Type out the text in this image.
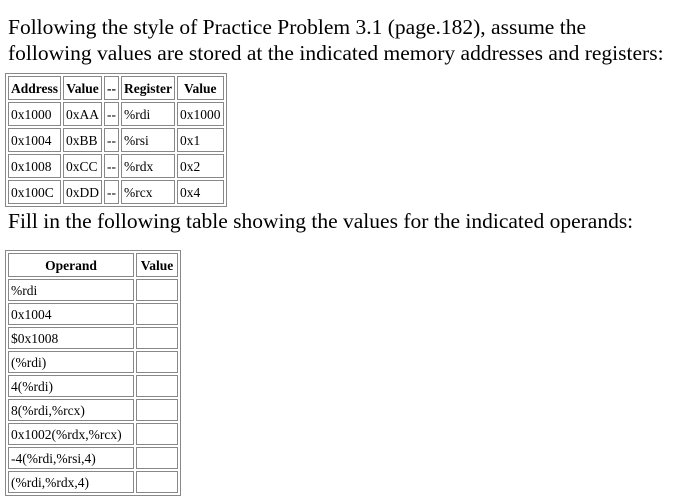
Following the style of Practice Problem 3.1 (page.182), assume the
following values are stored at the indicated memory addresses and registers:
Address	Value	--	Register	Value
0x1000	0xAA	--	%rdi	0x1000
0x1004	0xBB	--	%rsi	0x1
0x1008	0xCC	--	%rdx	0x2
0x100C	0xDD	--	%rcx	0x4

Fill in the following table showing the values for the indicated operands:

Operand	Value
%rdi	
0x1004	
$0x1008	
(%rdi)	
4(%rdi)	
8(%rdi,%rcx)	
0x1002(%rdx,%rcx)	
-4(%rdi,%rsi,4)	
(%rdi,%rdx,4)	
